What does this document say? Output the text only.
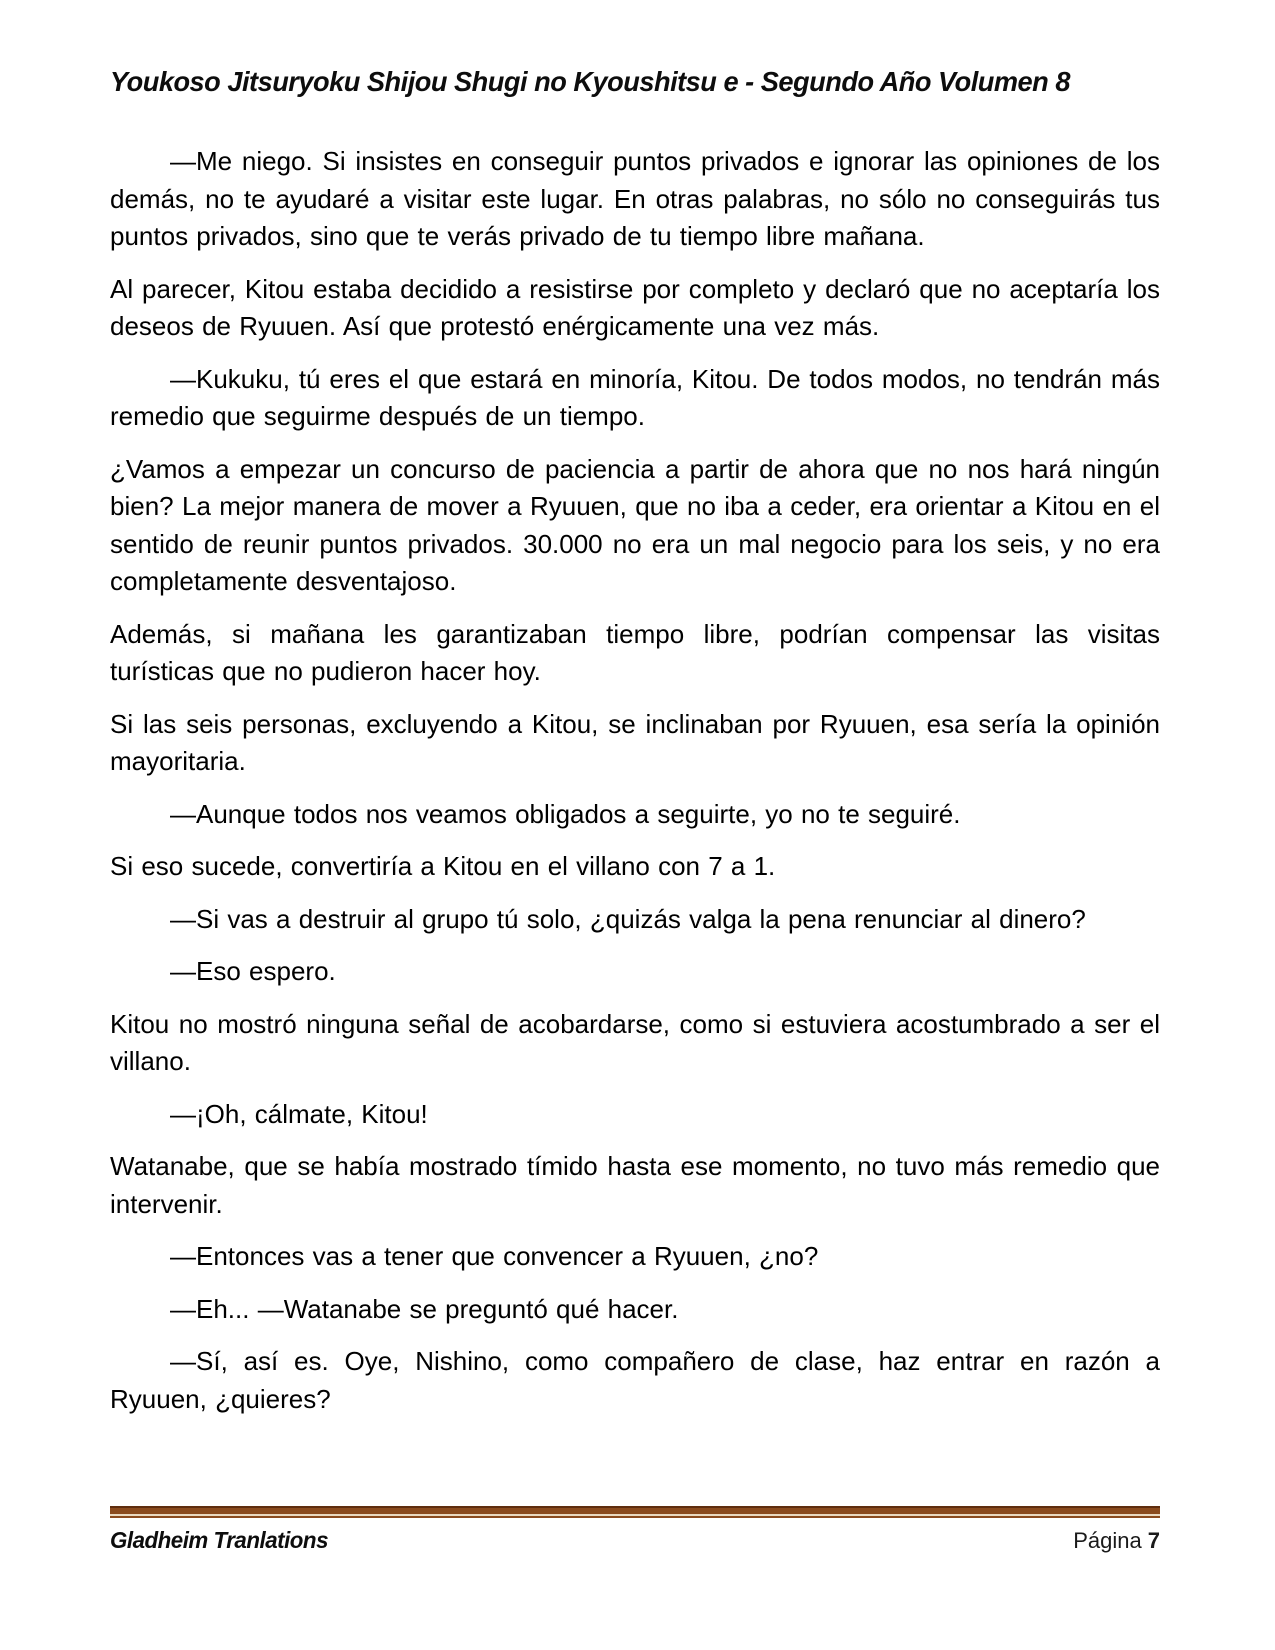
Youkoso Jitsuryoku Shijou Shugi no Kyoushitsu e - Segundo Año Volumen 8

—Me niego. Si insistes en conseguir puntos privados e ignorar las opiniones de los demás, no te ayudaré a visitar este lugar. En otras palabras, no sólo no conseguirás tus puntos privados, sino que te verás privado de tu tiempo libre mañana.

Al parecer, Kitou estaba decidido a resistirse por completo y declaró que no aceptaría los deseos de Ryuuen. Así que protestó enérgicamente una vez más.

—Kukuku, tú eres el que estará en minoría, Kitou. De todos modos, no tendrán más remedio que seguirme después de un tiempo.

¿Vamos a empezar un concurso de paciencia a partir de ahora que no nos hará ningún bien? La mejor manera de mover a Ryuuen, que no iba a ceder, era orientar a Kitou en el sentido de reunir puntos privados. 30.000 no era un mal negocio para los seis, y no era completamente desventajoso.

Además, si mañana les garantizaban tiempo libre, podrían compensar las visitas turísticas que no pudieron hacer hoy.

Si las seis personas, excluyendo a Kitou, se inclinaban por Ryuuen, esa sería la opinión mayoritaria.

—Aunque todos nos veamos obligados a seguirte, yo no te seguiré.

Si eso sucede, convertiría a Kitou en el villano con 7 a 1.

—Si vas a destruir al grupo tú solo, ¿quizás valga la pena renunciar al dinero?

—Eso espero.

Kitou no mostró ninguna señal de acobardarse, como si estuviera acostumbrado a ser el villano.

—¡Oh, cálmate, Kitou!

Watanabe, que se había mostrado tímido hasta ese momento, no tuvo más remedio que intervenir.

—Entonces vas a tener que convencer a Ryuuen, ¿no?

—Eh... —Watanabe se preguntó qué hacer.

—Sí, así es. Oye, Nishino, como compañero de clase, haz entrar en razón a Ryuuen, ¿quieres?

Gladheim Tranlations	Página 7
